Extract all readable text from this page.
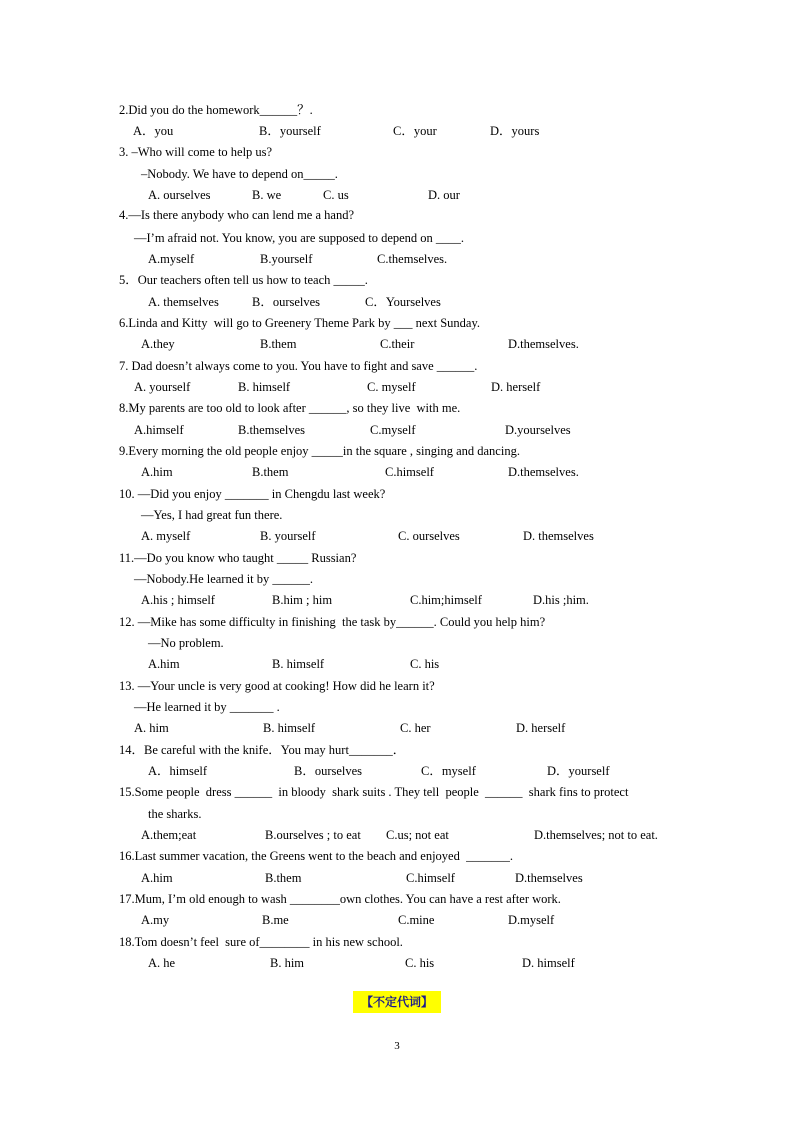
【不定代词】
3
2.Did you do the homework______？.
A．you	B．yourself	C．your	D．yours
3. –Who will come to help us?
–Nobody. We have to depend on_____.
A. ourselves	B. we	C. us	D. our
4.—Is there anybody who can lend me a hand?
—I’m afraid not. You know, you are supposed to depend on ____.
A.myself	B.yourself	C.themselves.
5．Our teachers often tell us how to teach _____.
A. themselves	B．ourselves	C．Yourselves
6.Linda and Kitty  will go to Greenery Theme Park by ___ next Sunday.
A.they	B.them	C.their	D.themselves.
7. Dad doesn’t always come to you. You have to fight and save ______.
A. yourself	B. himself	C. myself	D. herself
8.My parents are too old to look after ______, so they live  with me.
A.himself	B.themselves	C.myself	D.yourselves
9.Every morning the old people enjoy _____in the square , singing and dancing.
A.him	B.them	C.himself	D.themselves.
10. —Did you enjoy _______ in Chengdu last week?
—Yes, I had great fun there.
A. myself	B. yourself	C. ourselves	D. themselves
11.—Do you know who taught _____ Russian?
—Nobody.He learned it by ______.
A.his ; himself	B.him ; him	C.him;himself	D.his ;him.
12. —Mike has some difficulty in finishing  the task by______. Could you help him?
—No problem.
A.him	B. himself	C. his
13. —Your uncle is very good at cooking! How did he learn it?
—He learned it by _______ .
A. him	B. himself	C. her	D. herself
14．Be careful with the knife．You may hurt_______．
A．himself	B．ourselves	C．myself	D．yourself
15.Some people  dress ______  in bloody  shark suits . They tell  people  ______  shark fins to protect
the sharks.
A.them;eat	B.ourselves ; to eat C.us; not eat	D.themselves; not to eat.
16.Last summer vacation, the Greens went to the beach and enjoyed  _______.
A.him	B.them	C.himself	D.themselves
17.Mum, I’m old enough to wash ________own clothes. You can have a rest after work.
A.my	B.me	C.mine	D.myself
18.Tom doesn’t feel  sure of________ in his new school.
A. he	B. him	C. his	D. himself
